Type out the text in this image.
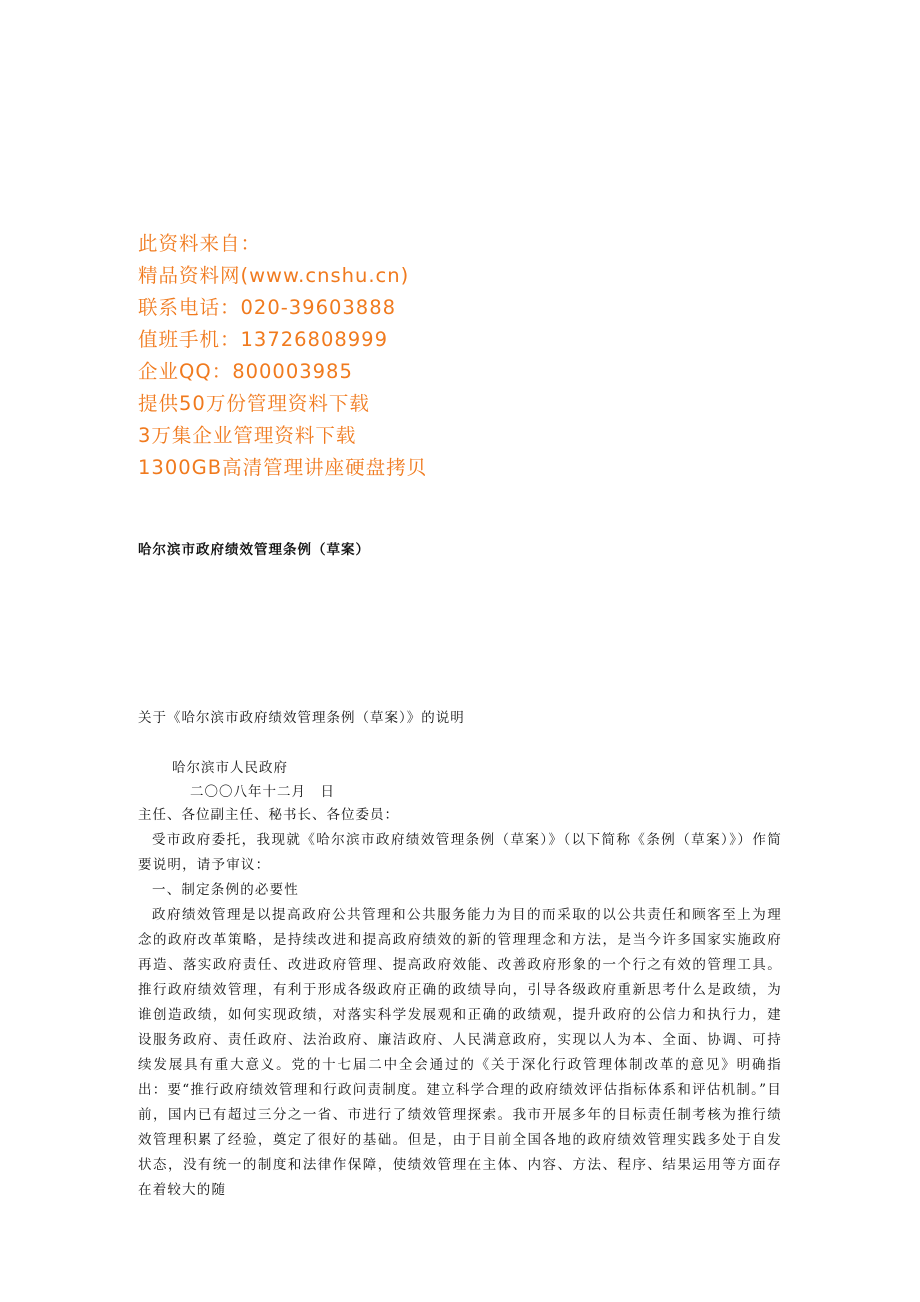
此资料来自：
精品资料网(www.cnshu.cn)
联系电话：020-39603888
值班手机：13726808999
企业QQ：800003985
提供50万份管理资料下载
3万集企业管理资料下载
1300GB高清管理讲座硬盘拷贝
哈尔滨市政府绩效管理条例（草案）
关于《哈尔滨市政府绩效管理条例（草案）》的说明
哈尔滨市人民政府
二〇〇八年十二月　日
主任、各位副主任、秘书长、各位委员：

受市政府委托，我现就《哈尔滨市政府绩效管理条例（草案）》（以下简称《条例（草案）》）作简要说明，请予审议：

一、制定条例的必要性

政府绩效管理是以提高政府公共管理和公共服务能力为目的而采取的以公共责任和顾客至上为理念的政府改革策略，是持续改进和提高政府绩效的新的管理理念和方法，是当今许多国家实施政府再造、落实政府责任、改进政府管理、提高政府效能、改善政府形象的一个行之有效的管理工具。推行政府绩效管理，有利于形成各级政府正确的政绩导向，引导各级政府重新思考什么是政绩，为谁创造政绩，如何实现政绩，对落实科学发展观和正确的政绩观，提升政府的公信力和执行力，建设服务政府、责任政府、法治政府、廉洁政府、人民满意政府，实现以人为本、全面、协调、可持续发展具有重大意义。党的十七届二中全会通过的《关于深化行政管理体制改革的意见》明确指出：要“推行政府绩效管理和行政问责制度。建立科学合理的政府绩效评估指标体系和评估机制。”目前，国内已有超过三分之一省、市进行了绩效管理探索。我市开展多年的目标责任制考核为推行绩效管理积累了经验，奠定了很好的基础。但是，由于目前全国各地的政府绩效管理实践多处于自发状态，没有统一的制度和法律作保障，使绩效管理在主体、内容、方法、程序、结果运用等方面存在着较大的随
